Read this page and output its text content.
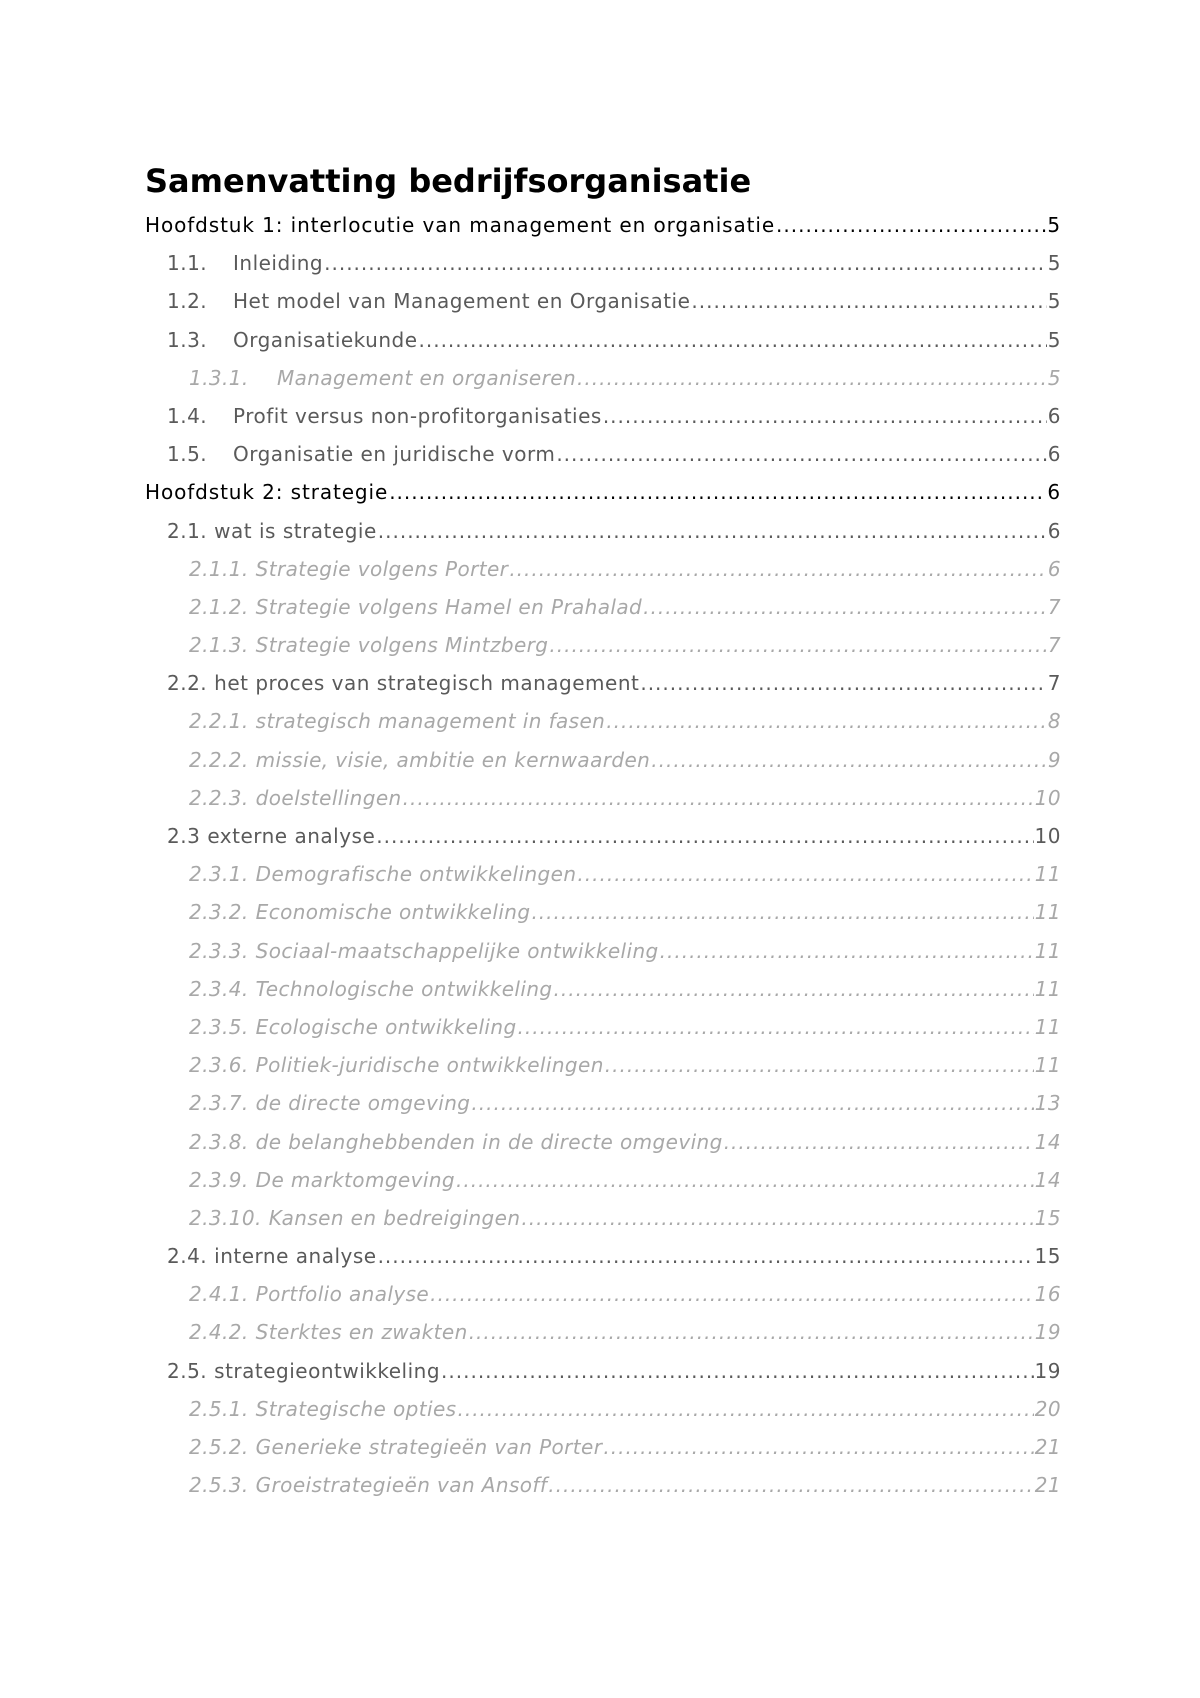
Samenvatting bedrijfsorganisatie
Hoofdstuk 1: interlocutie van management en organisatie .....	5
1.1.	Inleiding .....	5
1.2.	Het model van Management en Organisatie .....	5
1.3.	Organisatiekunde .....	5
1.3.1.	Management en organiseren .....	5
1.4.	Profit versus non-profitorganisaties .....	6
1.5.	Organisatie en juridische vorm .....	6
Hoofdstuk 2: strategie .....	6
2.1. wat is strategie .....	6
2.1.1. Strategie volgens Porter .....	6
2.1.2. Strategie volgens Hamel en Prahalad .....	7
2.1.3. Strategie volgens Mintzberg .....	7
2.2. het proces van strategisch management .....	7
2.2.1. strategisch management in fasen .....	8
2.2.2. missie, visie, ambitie en kernwaarden .....	9
2.2.3. doelstellingen .....	10
2.3 externe analyse .....	10
2.3.1. Demografische ontwikkelingen .....	11
2.3.2. Economische ontwikkeling .....	11
2.3.3. Sociaal-maatschappelijke ontwikkeling .....	11
2.3.4. Technologische ontwikkeling .....	11
2.3.5. Ecologische ontwikkeling .....	11
2.3.6. Politiek-juridische ontwikkelingen .....	11
2.3.7. de directe omgeving .....	13
2.3.8. de belanghebbenden in de directe omgeving .....	14
2.3.9. De marktomgeving .....	14
2.3.10. Kansen en bedreigingen .....	15
2.4. interne analyse .....	15
2.4.1. Portfolio analyse .....	16
2.4.2. Sterktes en zwakten .....	19
2.5. strategieontwikkeling .....	19
2.5.1. Strategische opties .....	20
2.5.2. Generieke strategieën van Porter .....	21
2.5.3. Groeistrategieën van Ansoff .....	21
